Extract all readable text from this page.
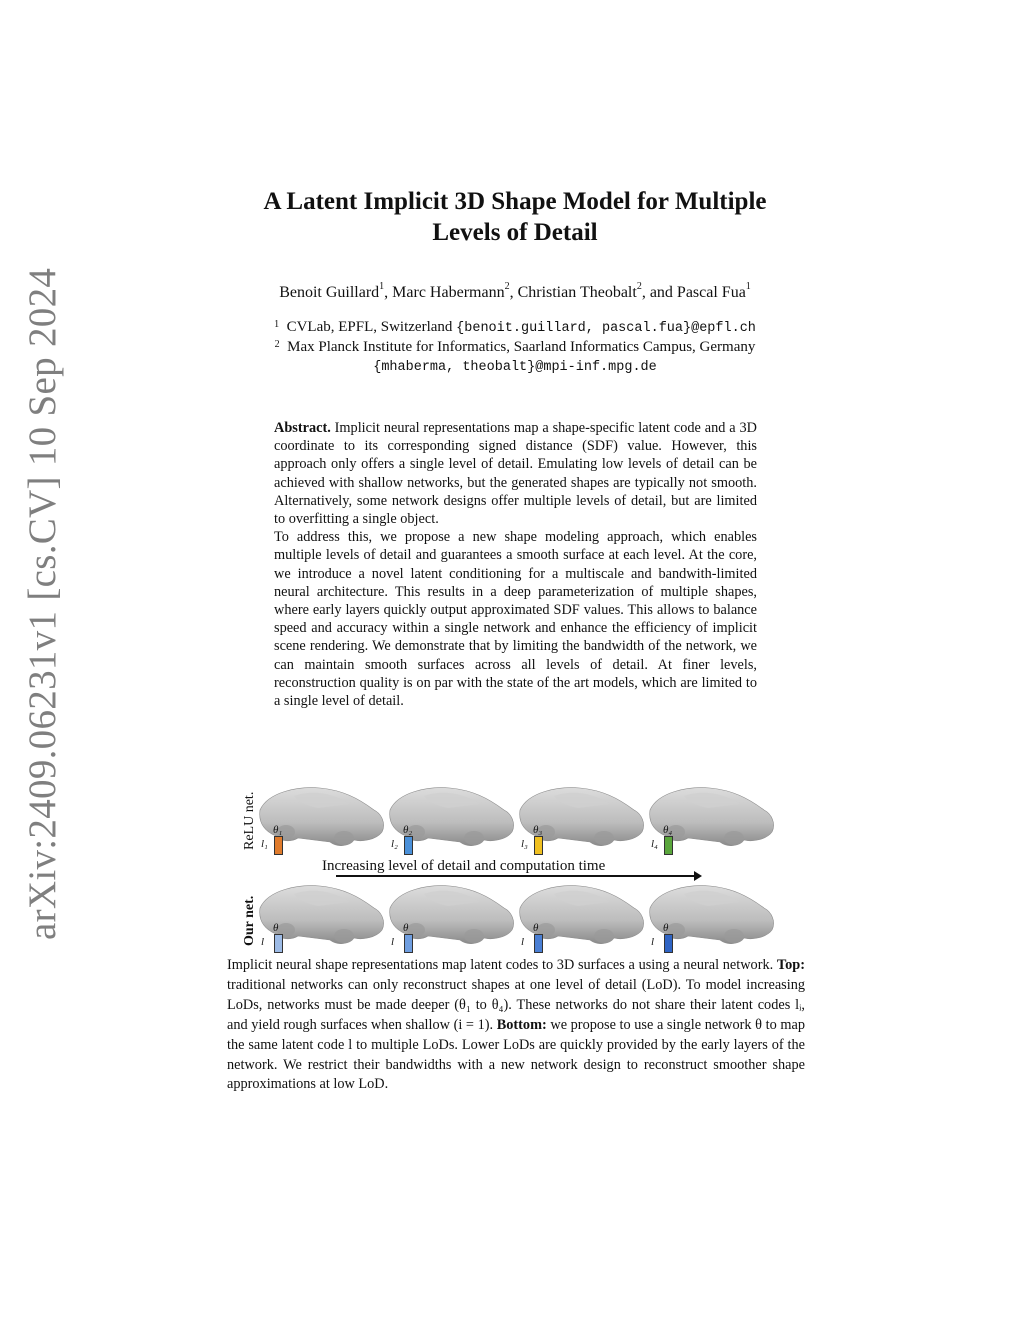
arXiv:2409.06231v1 [cs.CV] 10 Sep 2024
A Latent Implicit 3D Shape Model for Multiple
Levels of Detail
Benoit Guillard$^1$, Marc Habermann$^2$, Christian Theobalt$^2$, and Pascal Fua$^1$
$^1$ CVLab, EPFL, Switzerland {benoit.guillard, pascal.fua}@epfl.ch
$^2$ Max Planck Institute for Informatics, Saarland Informatics Campus, Germany
{mhaberma, theobalt}@mpi-inf.mpg.de

Abstract. Implicit neural representations map a shape-specific latent code and a 3D coordinate to its corresponding signed distance (SDF) value. However, this approach only offers a single level of detail. Emulating low levels of detail can be achieved with shallow networks, but the generated shapes are typically not smooth. Alternatively, some network designs offer multiple levels of detail, but are limited to overfitting a single object.

To address this, we propose a new shape modeling approach, which enables multiple levels of detail and guarantees a smooth surface at each level. At the core, we introduce a novel latent conditioning for a multiscale and bandwith-limited neural architecture. This results in a deep parameterization of multiple shapes, where early layers quickly output approximated SDF values. This allows to balance speed and accuracy within a single network and enhance the efficiency of implicit scene rendering. We demonstrate that by limiting the bandwidth of the network, we can maintain smooth surfaces across all levels of detail. At finer levels, reconstruction quality is on par with the state of the art models, which are limited to a single level of detail.

ReLU net.
Our net.
θ₁
l₁
θ₂
l₂
θ₃
l₃
θ₄
l₄
θ
l
θ
l
θ
l
θ
l
Increasing level of detail and computation time
Implicit neural shape representations map latent codes to 3D surfaces a using a neural network. Top: traditional networks can only reconstruct shapes at one level of detail (LoD). To model increasing LoDs, networks must be made deeper (θ₁ to θ₄). These networks do not share their latent codes lᵢ, and yield rough surfaces when shallow (i = 1). Bottom: we propose to use a single network θ to map the same latent code l to multiple LoDs. Lower LoDs are quickly provided by the early layers of the network. We restrict their bandwidths with a new network design to reconstruct smoother shape approximations at low LoD.
